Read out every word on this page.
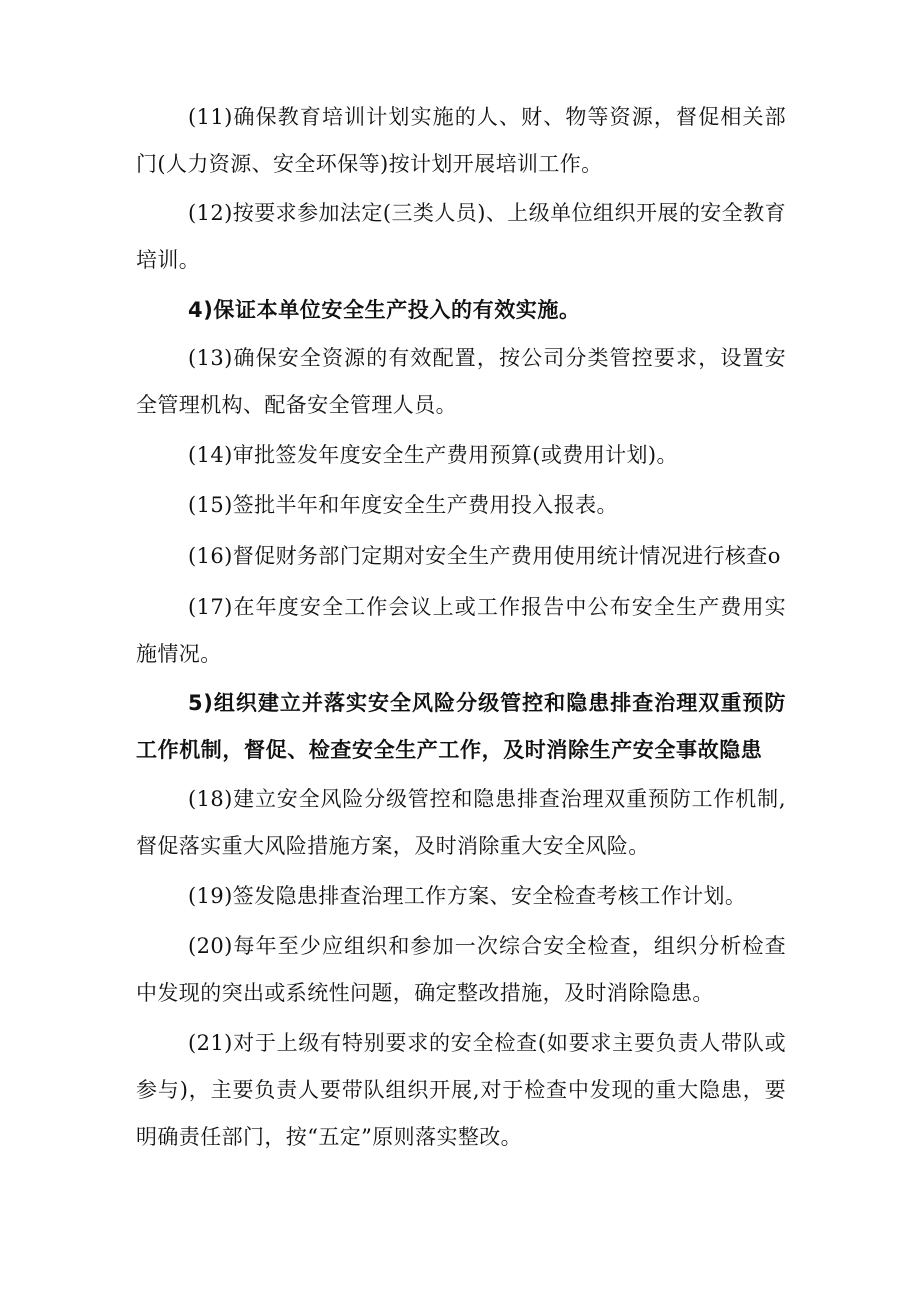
(11)确保教育培训计划实施的人、财、物等资源，督促相关部门(人力资源、安全环保等)按计划开展培训工作。

(12)按要求参加法定(三类人员)、上级单位组织开展的安全教育培训。

4)保证本单位安全生产投入的有效实施。

(13)确保安全资源的有效配置，按公司分类管控要求，设置安全管理机构、配备安全管理人员。

(14)审批签发年度安全生产费用预算(或费用计划)。

(15)签批半年和年度安全生产费用投入报表。

(16)督促财务部门定期对安全生产费用使用统计情况进行核查o

(17)在年度安全工作会议上或工作报告中公布安全生产费用实施情况。

5)组织建立并落实安全风险分级管控和隐患排查治理双重预防工作机制，督促、检查安全生产工作，及时消除生产安全事故隐患

(18)建立安全风险分级管控和隐患排查治理双重预防工作机制,督促落实重大风险措施方案，及时消除重大安全风险。

(19)签发隐患排查治理工作方案、安全检查考核工作计划。

(20)每年至少应组织和参加一次综合安全检查，组织分析检查中发现的突出或系统性问题，确定整改措施，及时消除隐患。

(21)对于上级有特别要求的安全检查(如要求主要负责人带队或参与)，主要负责人要带队组织开展,对于检查中发现的重大隐患，要明确责任部门，按“五定”原则落实整改。
